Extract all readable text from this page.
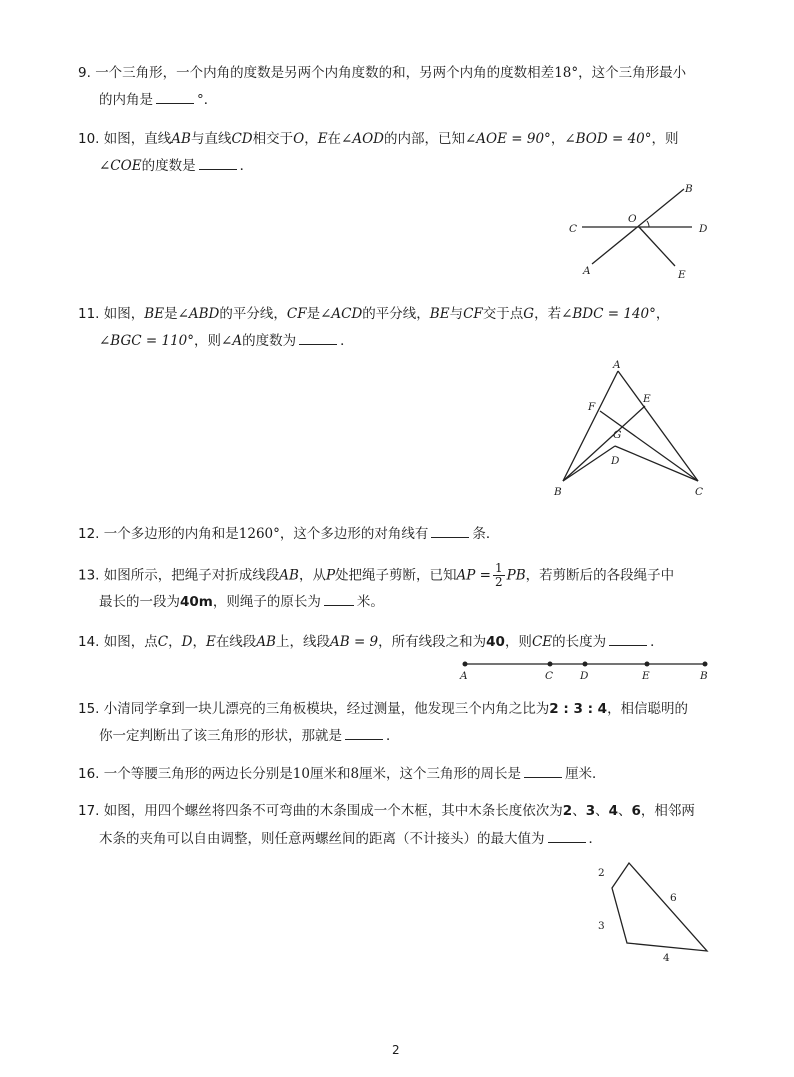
9. 一个三角形，一个内角的度数是另两个内角度数的和，另两个内角的度数相差18°，这个三角形最小
的内角是	°．
10. 如图，直线AB与直线CD相交于O，E在∠AOD的内部，已知∠AOE = 90°，∠BOD = 40°，则
∠COE的度数是	．
B
C
O
D
A	E
11. 如图，BE是∠ABD的平分线，CF是∠ACD的平分线，BE与CF交于点G，若∠BDC = 140°，
∠BGC = 110°，则∠A的度数为	．
A
F
E
G
D
B	C
12. 一个多边形的内角和是1260°，这个多边形的对角线有	条．
13. 如图所示，把绳子对折成线段AB，从P处把绳子剪断，已知AP = $\frac{1}{2}$ PB，若剪断后的各段绳子中
最长的一段为40m，则绳子的原长为	米。
14. 如图，点C，D，E在线段AB上，线段AB = 9，所有线段之和为40，则CE的长度为	．
A	C	D	E	B
15. 小清同学拿到一块儿漂亮的三角板模块，经过测量，他发现三个内角之比为2 : 3 : 4，相信聪明的
你一定判断出了该三角形的形状，那就是	．
16. 一个等腰三角形的两边长分别是10厘米和8厘米，这个三角形的周长是	厘米．
17. 如图，用四个螺丝将四条不可弯曲的木条围成一个木框，其中木条长度依次为2、3、4、6，相邻两
木条的夹角可以自由调整，则任意两螺丝间的距离（不计接头）的最大值为	．
2
6
3
4
2
